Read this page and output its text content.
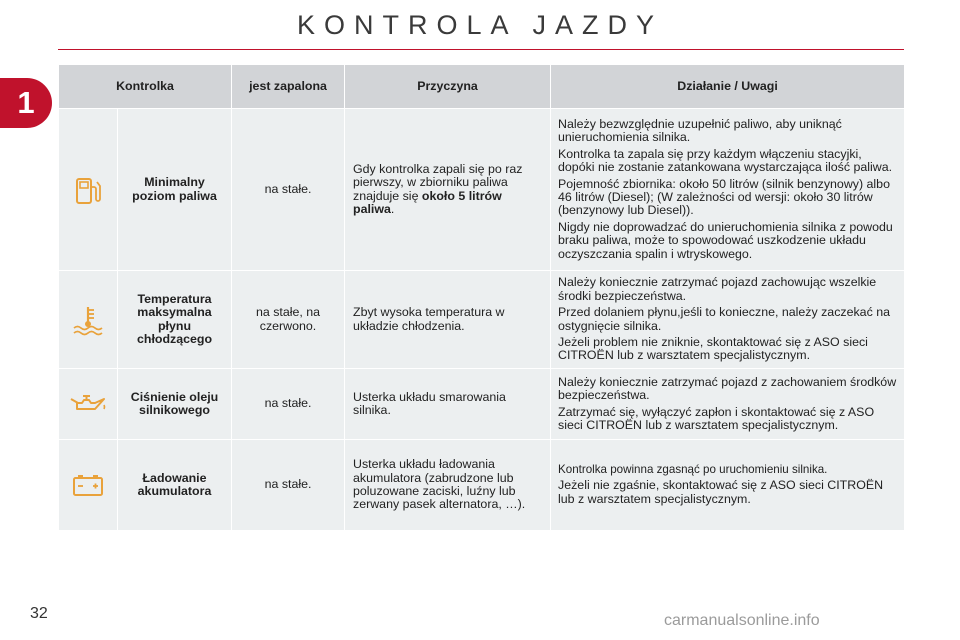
KONTROLA JAZDY
1	Kontrolka		jest zapalona	Przyczyna	Działanie / Uwagi

	Minimalny poziom paliwa	na stałe.	Gdy kontrolka zapali się po raz pierwszy, w zbiorniku paliwa znajduje się około 5 litrów paliwa.	Należy bezwzględnie uzupełnić paliwo, aby uniknąć unieruchomienia silnika.

Kontrolka ta zapala się przy każdym włączeniu stacyjki, dopóki nie zostanie zatankowana wystarczająca ilość paliwa.

Pojemność zbiornika: około 50 litrów (silnik benzynowy) albo 46 litrów (Diesel); (W zależności od wersji: około 30 litrów (benzynowy lub Diesel)).

Nigdy nie doprowadzać do unieruchomienia silnika z powodu braku paliwa, może to spowodować uszkodzenie układu oczyszczania spalin i wtryskowego.

	Temperatura maksymalna płynu chłodzącego	na stałe, na czerwono.	Zbyt wysoka temperatura w układzie chłodzenia.	Należy koniecznie zatrzymać pojazd zachowując wszelkie środki bezpieczeństwa.

Przed dolaniem płynu,jeśli to konieczne, należy zaczekać na ostygnięcie silnika.

Jeżeli problem nie zniknie, skontaktować się z ASO sieci CITROËN lub z warsztatem specjalistycznym.

	Ciśnienie oleju silnikowego	na stałe.	Usterka układu smarowania silnika.	Należy koniecznie zatrzymać pojazd z zachowaniem środków bezpieczeństwa.

Zatrzymać się, wyłączyć zapłon i skontaktować się z ASO sieci CITROËN lub z warsztatem specjalistycznym.

	Ładowanie akumulatora	na stałe.	Usterka układu ładowania akumulatora (zabrudzone lub poluzowane zaciski, luźny lub zerwany pasek alternatora, …).	Kontrolka powinna zgasnąć po uruchomieniu silnika.

Jeżeli nie zgaśnie, skontaktować się z ASO sieci CITROËN lub z warsztatem specjalistycznym.

32	carmanualsonline.info
